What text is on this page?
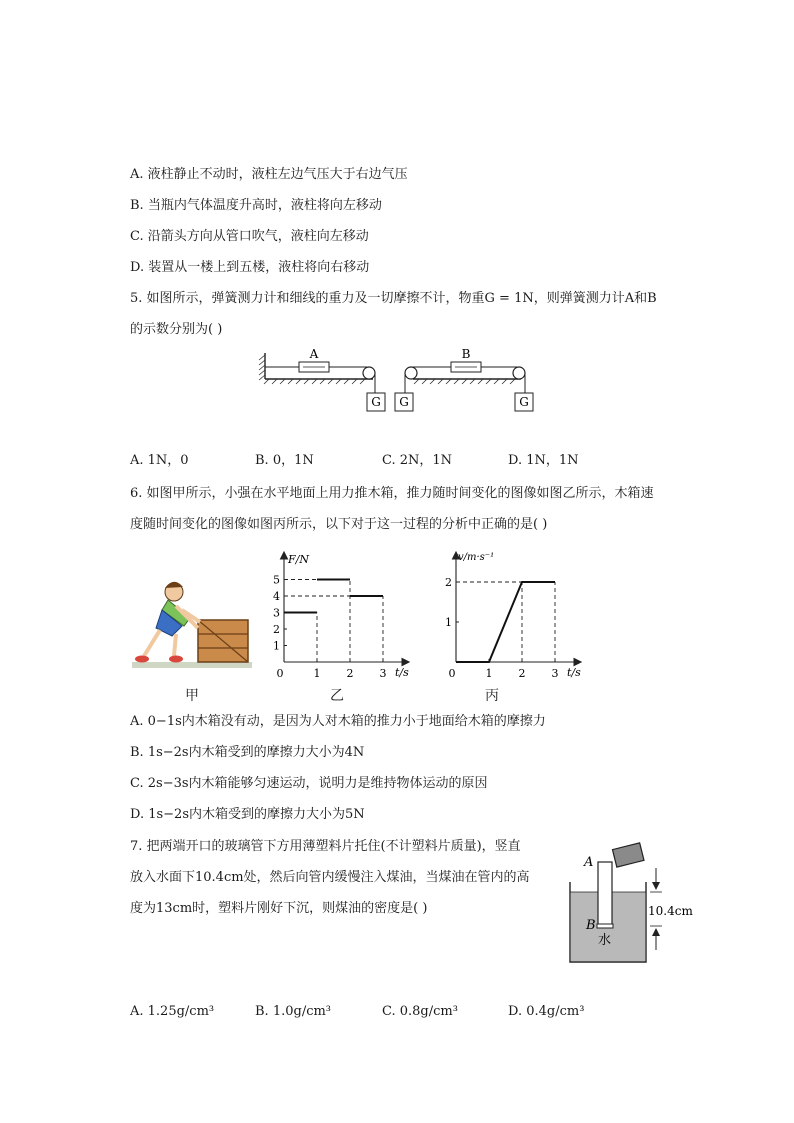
A. 液柱静止不动时，液柱左边气压大于右边气压
B. 当瓶内气体温度升高时，液柱将向左移动
C. 沿箭头方向从管口吹气，液柱向左移动
D. 装置从一楼上到五楼，液柱将向右移动
5. 如图所示，弹簧测力计和细线的重力及一切摩擦不计，物重G = 1N，则弹簧测力计A和B
的示数分别为( )
A
G
B
G	G
A. 1N，0	B. 0，1N	C. 2N，1N	D. 1N，1N
6. 如图甲所示，小强在水平地面上用力推木箱，推力随时间变化的图像如图乙所示，木箱速
度随时间变化的图像如图丙所示，以下对于这一过程的分析中正确的是( )
甲
F/N
t/s
0	1 2 3
1
2
3
4
5
乙
v/m·s⁻¹
t/s
0	1 2 3
1
2
丙
A. 0−1s内木箱没有动，是因为人对木箱的推力小于地面给木箱的摩擦力
B. 1s−2s内木箱受到的摩擦力大小为4N
C. 2s−3s内木箱能够匀速运动，说明力是维持物体运动的原因
D. 1s−2s内木箱受到的摩擦力大小为5N
7. 把两端开口的玻璃管下方用薄塑料片托住(不计塑料片质量)，竖直
放入水面下10.4cm处，然后向管内缓慢注入煤油，当煤油在管内的高
度为13cm时，塑料片刚好下沉，则煤油的密度是( )
A
B
水
10.4cm
A. 1.25g/cm³	B. 1.0g/cm³	C. 0.8g/cm³	D. 0.4g/cm³
